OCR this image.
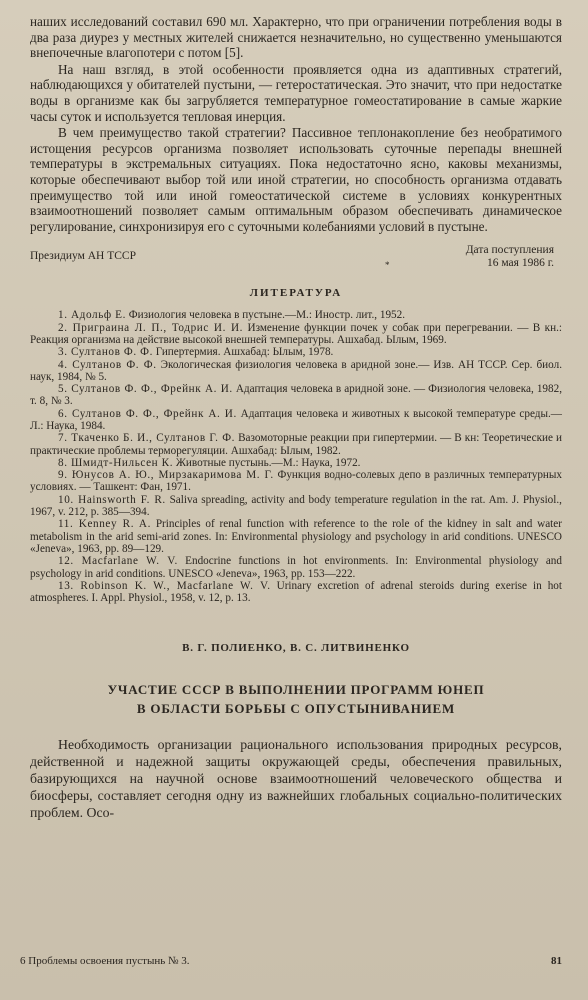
наших исследований составил 690 мл. Характерно, что при ограничении потребления воды в два раза диурез у местных жителей снижается незначительно, но существенно уменьшаются внепочечные влагопотери с потом [5].

На наш взгляд, в этой особенности проявляется одна из адаптивных стратегий, наблюдающихся у обитателей пустыни, — гетеростатическая. Это значит, что при недостатке воды в организме как бы загрубляется температурное гомеостатирование в самые жаркие часы суток и используется тепловая инерция.

В чем преимущество такой стратегии? Пассивное теплонакопление без необратимого истощения ресурсов организма позволяет использовать суточные перепады внешней температуры в экстремальных ситуациях. Пока недостаточно ясно, каковы механизмы, которые обеспечивают выбор той или иной стратегии, но способность организма отдавать преимущество той или иной гомеостатической системе в условиях конкурентных взаимоотношений позволяет самым оптимальным образом обеспечивать динамическое регулирование, синхронизируя его с суточными колебаниями условий в пустыне.

Президиум АН ТССР
*
Дата поступления
16 мая 1986 г.
ЛИТЕРАТУРА

1. Адольф Е. Физиология человека в пустыне.—М.: Иностр. лит., 1952.

2. Приграина Л. П., Тодрис И. И. Изменение функции почек у собак при перегревании. — В кн.: Реакция организма на действие высокой внешней температуры. Ашхабад. Ылым, 1969.

3. Султанов Ф. Ф. Гипертермия. Ашхабад: Ылым, 1978.

4. Султанов Ф. Ф. Экологическая физиология человека в аридной зоне.— Изв. АН ТССР. Сер. биол. наук, 1984, № 5.

5. Султанов Ф. Ф., Фрейнк А. И. Адаптация человека в аридной зоне. — Физиология человека, 1982, т. 8, № 3.

6. Султанов Ф. Ф., Фрейнк А. И. Адаптация человека и животных к высокой температуре среды.—Л.: Наука, 1984.

7. Ткаченко Б. И., Султанов Г. Ф. Вазомоторные реакции при гипертермии. — В кн: Теоретические и практические проблемы терморегуляции. Ашхабад: Ылым, 1982.

8. Шмидт-Нильсен К. Животные пустынь.—М.: Наука, 1972.

9. Юнусов А. Ю., Мирзакаримова М. Г. Функция водно-солевых депо в различных температурных условиях. — Ташкент: Фан, 1971.

10. Hainsworth F. R. Saliva spreading, activity and body temperature regulation in the rat. Am. J. Physiol., 1967, v. 212, p. 385—394.

11. Kenney R. A. Principles of renal function with reference to the role of the kidney in salt and water metabolism in the arid semi-arid zones. In: Environmental physiology and psychology in arid conditions. UNESCO «Jeneva», 1963, pp. 89—129.

12. Macfarlane W. V. Endocrine functions in hot environments. In: Environmental physiology and psychology in arid conditions. UNESCO «Jeneva», 1963, pp. 153—222.

13. Robinson K. W., Macfarlane W. V. Urinary excretion of adrenal steroids during exerise in hot atmospheres. I. Appl. Physiol., 1958, v. 12, p. 13.

В. Г. ПОЛИЕНКО, В. С. ЛИТВИНЕНКО
УЧАСТИЕ СССР В ВЫПОЛНЕНИИ ПРОГРАММ ЮНЕП
В ОБЛАСТИ БОРЬБЫ С ОПУСТЫНИВАНИЕМ

Необходимость организации рационального использования природных ресурсов, действенной и надежной защиты окружающей среды, обеспечения правильных, базирующихся на научной основе взаимоотношений человеческого общества и биосферы, составляет сегодня одну из важнейших глобальных социально-политических проблем. Осо-

6 Проблемы освоения пустынь № 3.	81
